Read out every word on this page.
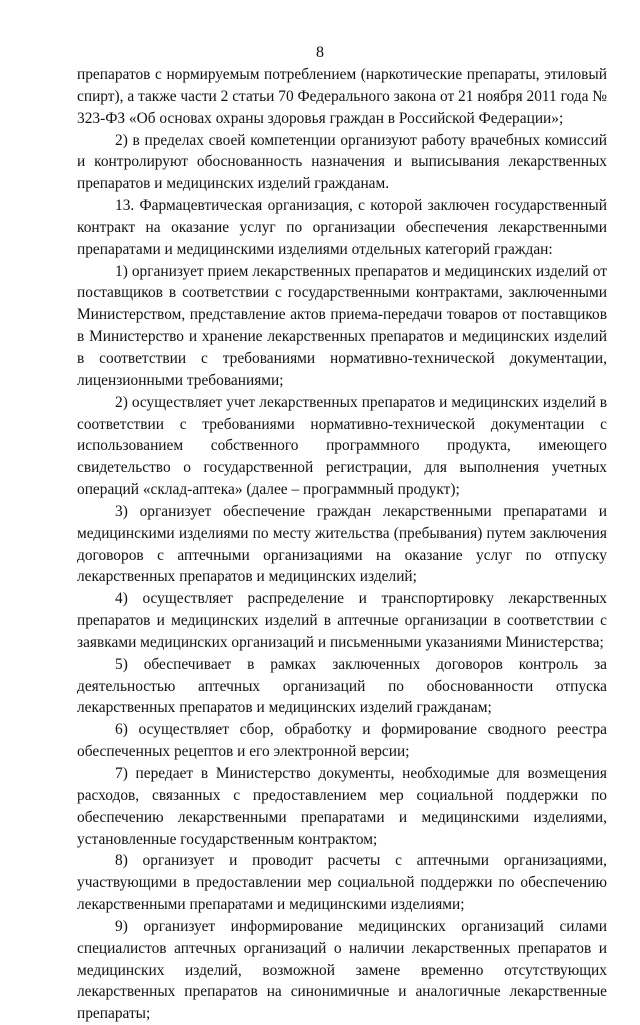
8

препаратов с нормируемым потреблением (наркотические препараты, этиловый спирт), а также части 2 статьи 70 Федерального закона от 21 ноября 2011 года № 323-ФЗ «Об основах охраны здоровья граждан в Российской Федерации»;

2) в пределах своей компетенции организуют работу врачебных комиссий и контролируют обоснованность назначения и выписывания лекарственных препаратов и медицинских изделий гражданам.

13. Фармацевтическая организация, с которой заключен государственный контракт на оказание услуг по организации обеспечения лекарственными препаратами и медицинскими изделиями отдельных категорий граждан:

1) организует прием лекарственных препаратов и медицинских изделий от поставщиков в соответствии с государственными контрактами, заключенными Министерством, представление актов приема-передачи товаров от поставщиков в Министерство и хранение лекарственных препаратов и медицинских изделий в соответствии с требованиями нормативно-технической документации, лицензионными требованиями;

2) осуществляет учет лекарственных препаратов и медицинских изделий в соответствии с требованиями нормативно-технической документации с использованием собственного программного продукта, имеющего свидетельство о государственной регистрации, для выполнения учетных операций «склад-аптека» (далее – программный продукт);

3) организует обеспечение граждан лекарственными препаратами и медицинскими изделиями по месту жительства (пребывания) путем заключения договоров с аптечными организациями на оказание услуг по отпуску лекарственных препаратов и медицинских изделий;

4) осуществляет распределение и транспортировку лекарственных препаратов и медицинских изделий в аптечные организации в соответствии с заявками медицинских организаций и письменными указаниями Министерства;

5) обеспечивает в рамках заключенных договоров контроль за деятельностью аптечных организаций по обоснованности отпуска лекарственных препаратов и медицинских изделий гражданам;

6) осуществляет сбор, обработку и формирование сводного реестра обеспеченных рецептов и его электронной версии;

7) передает в Министерство документы, необходимые для возмещения расходов, связанных с предоставлением мер социальной поддержки по обеспечению лекарственными препаратами и медицинскими изделиями, установленные государственным контрактом;

8) организует и проводит расчеты с аптечными организациями, участвующими в предоставлении мер социальной поддержки по обеспечению лекарственными препаратами и медицинскими изделиями;

9) организует информирование медицинских организаций силами специалистов аптечных организаций о наличии лекарственных препаратов и медицинских изделий, возможной замене временно отсутствующих лекарственных препаратов на синонимичные и аналогичные лекарственные препараты;
